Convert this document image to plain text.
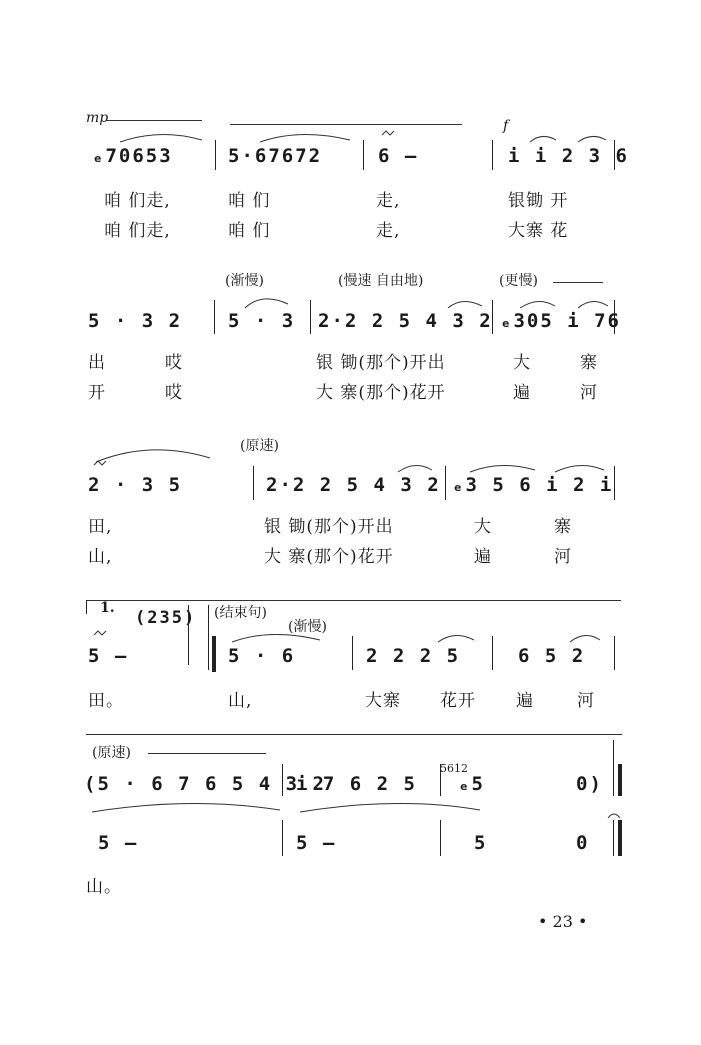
mp	f
ₑ70653	5·67672	6 —	i i 2 3 6
咱 们走,	咱 们	走,	银锄 开
咱 们走,	咱 们	走,	大寨 花
(渐慢)	(慢速 自由地)	(更慢)
5 · 3 2 5 · 3 2·2 2 5 4 3 2 ₑ305 i 76
出	哎	银 锄(那个)开出	大	寨
开	哎	大 寨(那个)花开	遍	河
(原速)
2 · 3 5	2·2 2 5 4 3 2 ₑ3 5 6 i 2 i
田,	银 锄(那个)开出	大	寨
山,	大 寨(那个)花开	遍	河
1. (235) (结束句)
(渐慢)
5 —	5 · 6	2 2 2 5	6 5 2
田。	山,	大寨 花开 遍	河
(原速)
5612
(5 · 6 7 6 5 4 3 2
i 7 6 2 5 ₑ5	0)
5 —	5 —	5	0
山。
• 23 •
